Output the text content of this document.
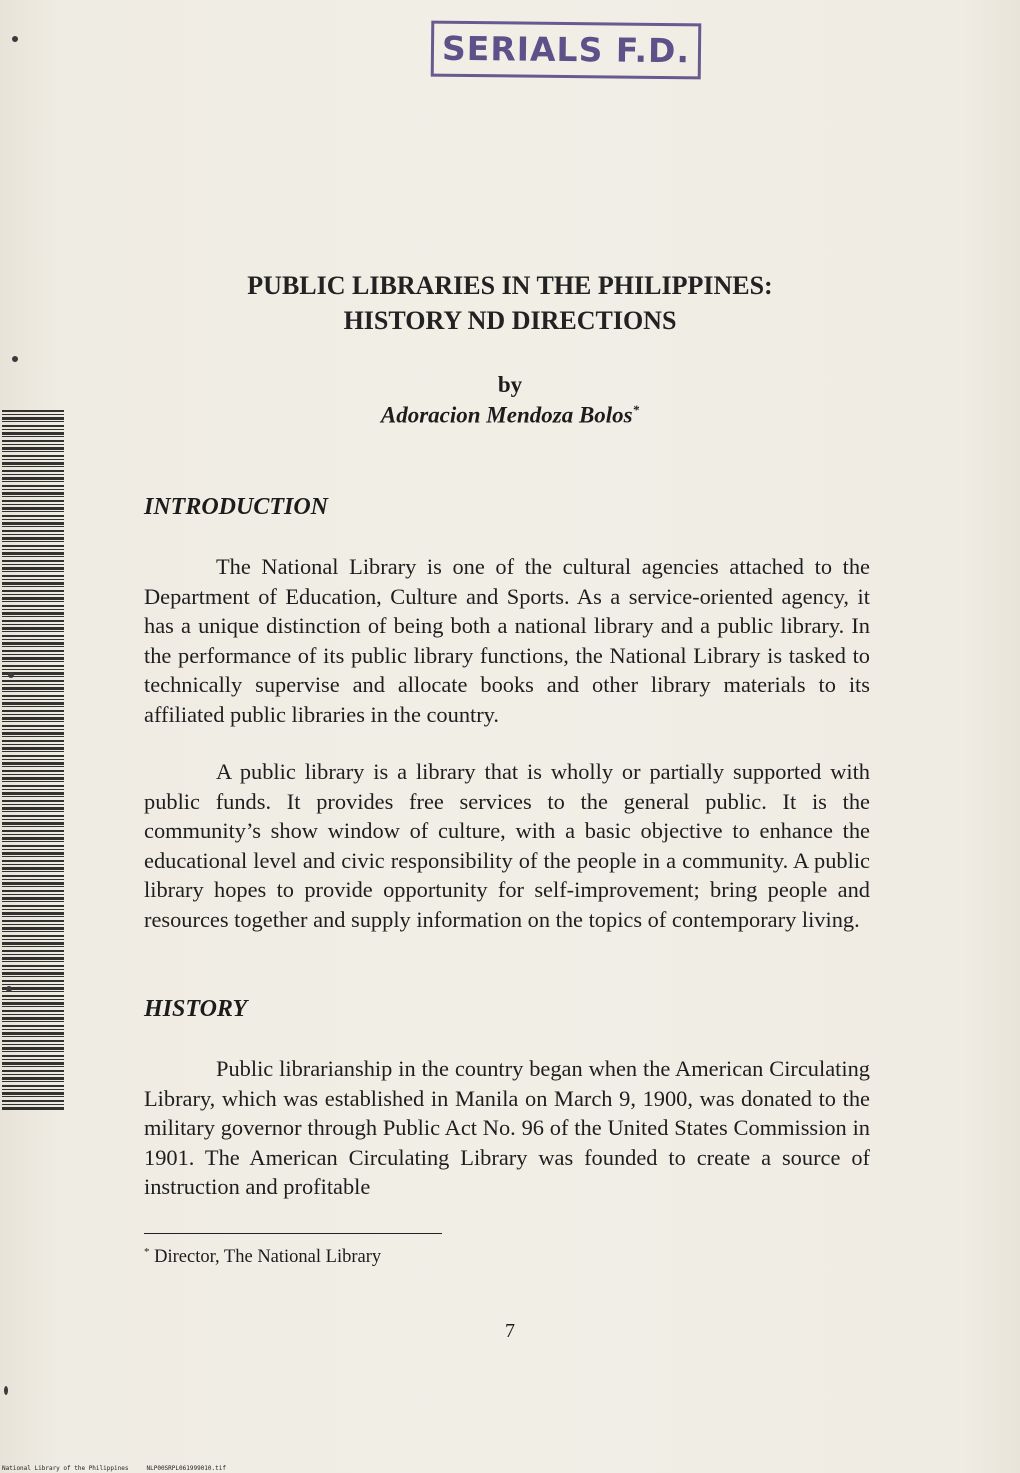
SERIALS F.D.
PUBLIC LIBRARIES IN THE PHILIPPINES:
HISTORY ND DIRECTIONS
by
Adoracion Mendoza Bolos*
INTRODUCTION

The National Library is one of the cultural agencies attached to the Department of Education, Culture and Sports. As a service-oriented agency, it has a unique distinction of being both a national library and a public library. In the performance of its public library functions, the National Library is tasked to technically supervise and allocate books and other library materials to its affiliated public libraries in the country.

A public library is a library that is wholly or partially supported with public funds. It provides free services to the general public. It is the community’s show window of culture, with a basic objective to enhance the educational level and civic responsibility of the people in a community. A public library hopes to provide opportunity for self-improvement; bring people and resources together and supply information on the topics of contemporary living.

HISTORY

Public librarianship in the country began when the American Circulating Library, which was established in Manila on March 9, 1900, was donated to the military governor through Public Act No. 96 of the United States Commission in 1901. The American Circulating Library was founded to create a source of instruction and profitable

* Director, The National Library
7
National Library of the Philippines	NLP00SRPL061999010.tif
